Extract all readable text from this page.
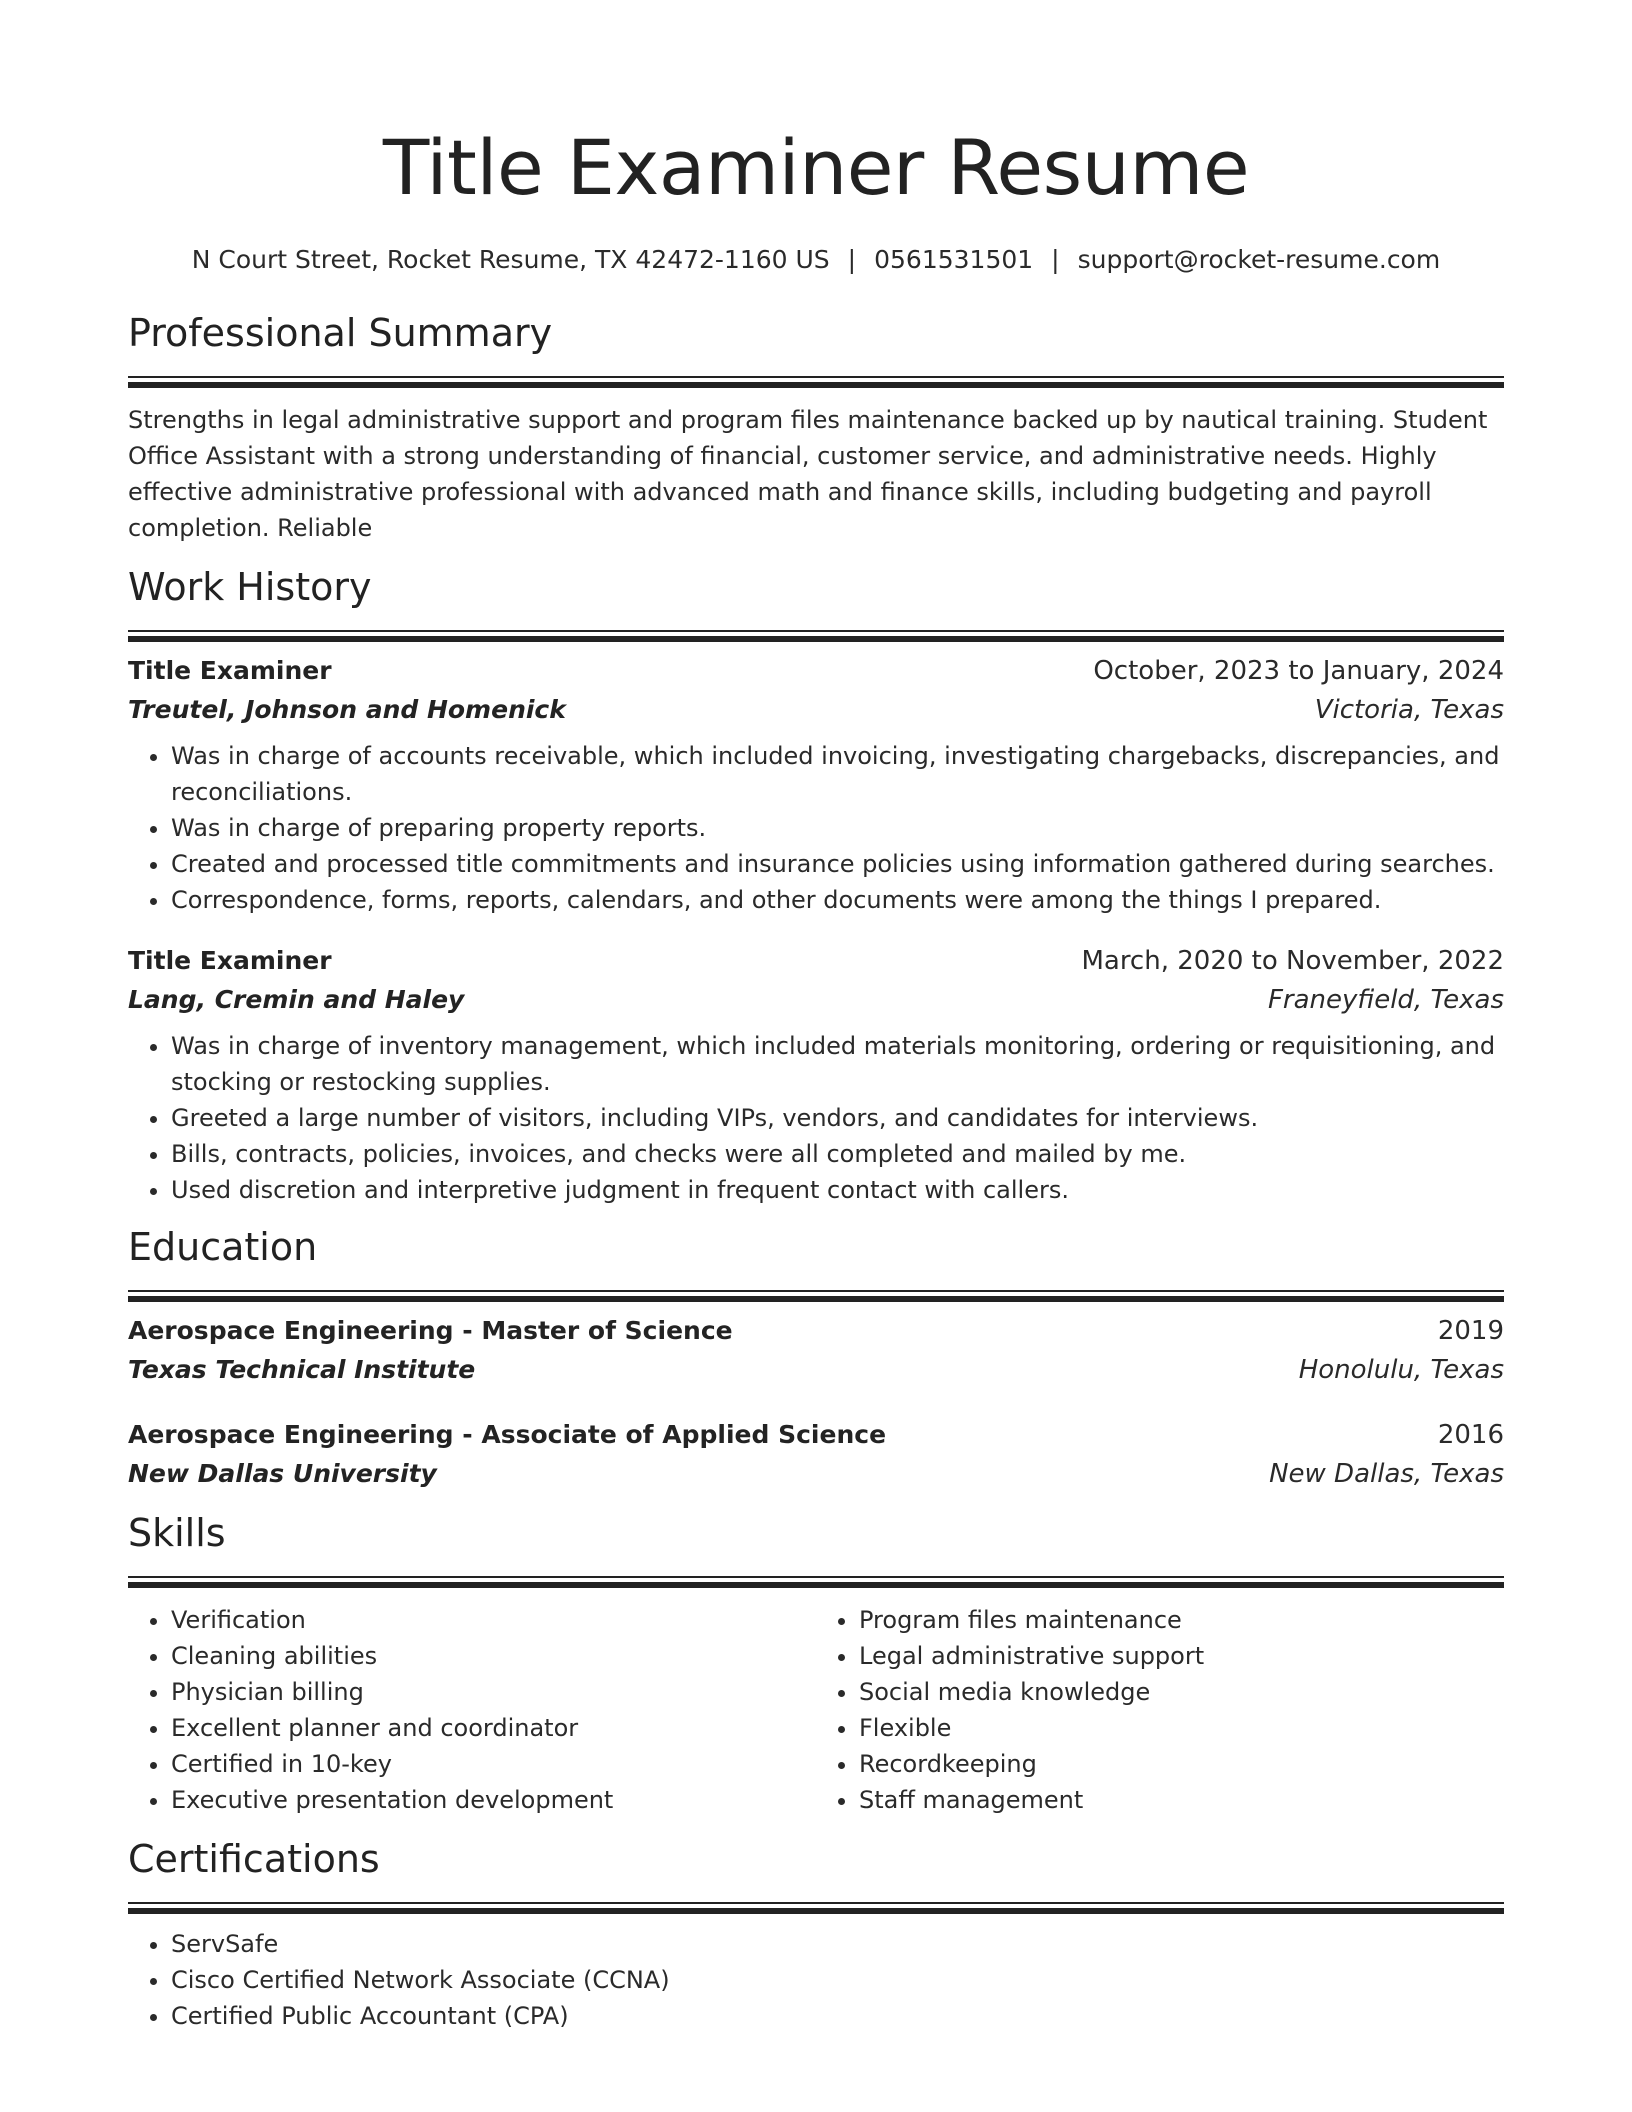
Title Examiner Resume
N Court Street, Rocket Resume, TX 42472-1160 US | 0561531501 | support@rocket-resume.com
Professional Summary
Strengths in legal administrative support and program files maintenance backed up by nautical training. Student Office Assistant with a strong understanding of financial, customer service, and administrative needs. Highly effective administrative professional with advanced math and finance skills, including budgeting and payroll completion. Reliable
Work History
Title Examiner	October, 2023 to January, 2024
Treutel, Johnson and Homenick	Victoria, Texas
• Was in charge of accounts receivable, which included invoicing, investigating chargebacks, discrepancies, and reconciliations.
• Was in charge of preparing property reports.
• Created and processed title commitments and insurance policies using information gathered during searches.
• Correspondence, forms, reports, calendars, and other documents were among the things I prepared.
Title Examiner	March, 2020 to November, 2022
Lang, Cremin and Haley	Franeyfield, Texas
• Was in charge of inventory management, which included materials monitoring, ordering or requisitioning, and stocking or restocking supplies.
• Greeted a large number of visitors, including VIPs, vendors, and candidates for interviews.
• Bills, contracts, policies, invoices, and checks were all completed and mailed by me.
• Used discretion and interpretive judgment in frequent contact with callers.
Education
Aerospace Engineering - Master of Science	2019
Texas Technical Institute	Honolulu, Texas
Aerospace Engineering - Associate of Applied Science	2016
New Dallas University	New Dallas, Texas
Skills
• Verification
• Cleaning abilities
• Physician billing
• Excellent planner and coordinator
• Certified in 10-key
• Executive presentation development
• Program files maintenance
• Legal administrative support
• Social media knowledge
• Flexible
• Recordkeeping
• Staff management
Certifications
• ServSafe
• Cisco Certified Network Associate (CCNA)
• Certified Public Accountant (CPA)
